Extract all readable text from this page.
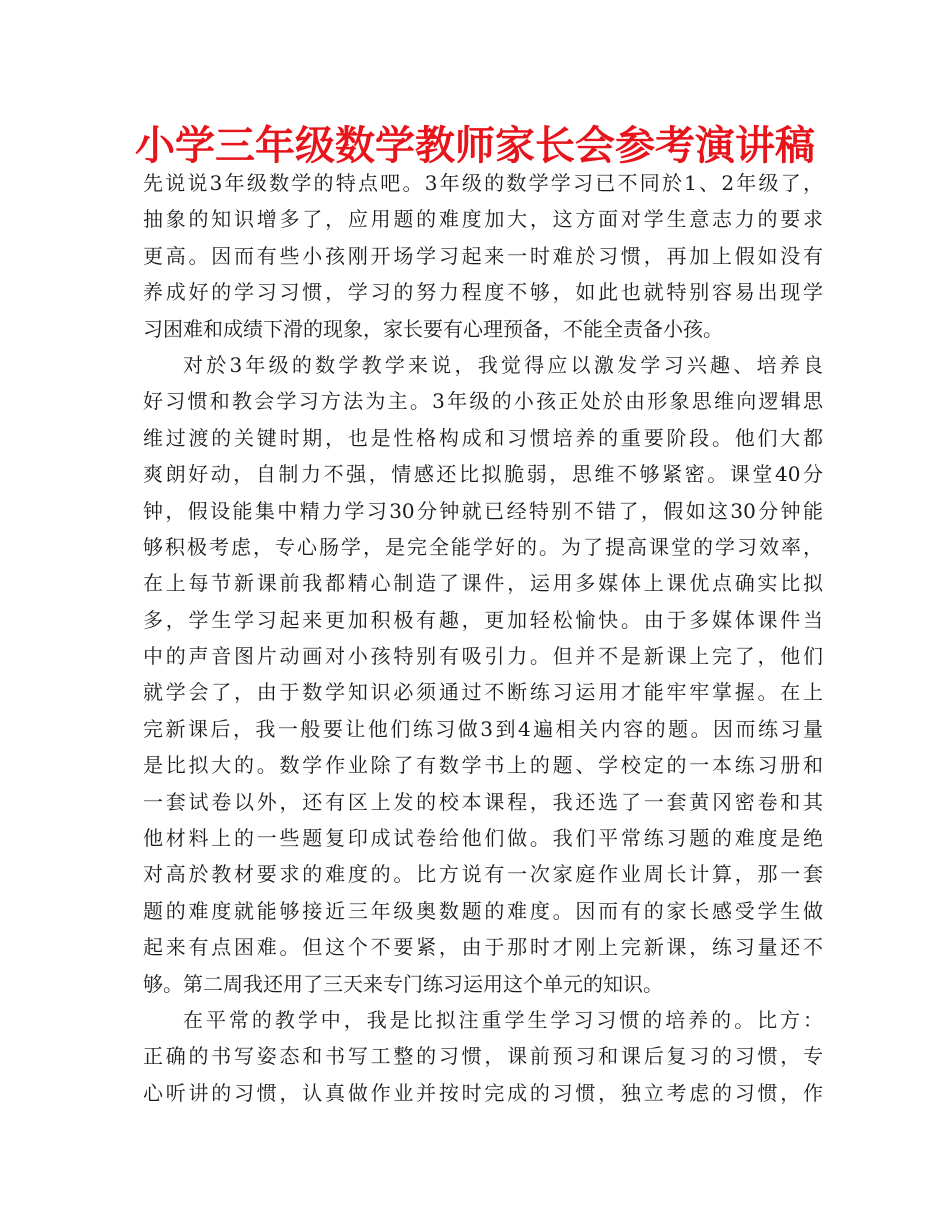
小学三年级数学教师家长会参考演讲稿
先说说3年级数学的特点吧。3年级的数学学习已不同於1、2年级了，
抽象的知识增多了，应用题的难度加大，这方面对学生意志力的要求
更高。因而有些小孩刚开场学习起来一时难於习惯，再加上假如没有
养成好的学习习惯，学习的努力程度不够，如此也就特别容易出现学
习困难和成绩下滑的现象，家长要有心理预备，不能全责备小孩。
对於3年级的数学教学来说，我觉得应以激发学习兴趣、培养良
好习惯和教会学习方法为主。3年级的小孩正处於由形象思维向逻辑思
维过渡的关键时期，也是性格构成和习惯培养的重要阶段。他们大都
爽朗好动，自制力不强，情感还比拟脆弱，思维不够紧密。课堂40分
钟，假设能集中精力学习30分钟就已经特别不错了，假如这30分钟能
够积极考虑，专心肠学，是完全能学好的。为了提高课堂的学习效率，
在上每节新课前我都精心制造了课件，运用多媒体上课优点确实比拟
多，学生学习起来更加积极有趣，更加轻松愉快。由于多媒体课件当
中的声音图片动画对小孩特别有吸引力。但并不是新课上完了，他们
就学会了，由于数学知识必须通过不断练习运用才能牢牢掌握。在上
完新课后，我一般要让他们练习做3到4遍相关内容的题。因而练习量
是比拟大的。数学作业除了有数学书上的题、学校定的一本练习册和
一套试卷以外，还有区上发的校本课程，我还选了一套黄冈密卷和其
他材料上的一些题复印成试卷给他们做。我们平常练习题的难度是绝
对高於教材要求的难度的。比方说有一次家庭作业周长计算，那一套
题的难度就能够接近三年级奥数题的难度。因而有的家长感受学生做
起来有点困难。但这个不要紧，由于那时才刚上完新课，练习量还不
够。第二周我还用了三天来专门练习运用这个单元的知识。
在平常的教学中，我是比拟注重学生学习习惯的培养的。比方：
正确的书写姿态和书写工整的习惯，课前预习和课后复习的习惯，专
心听讲的习惯，认真做作业并按时完成的习惯，独立考虑的习惯，作
